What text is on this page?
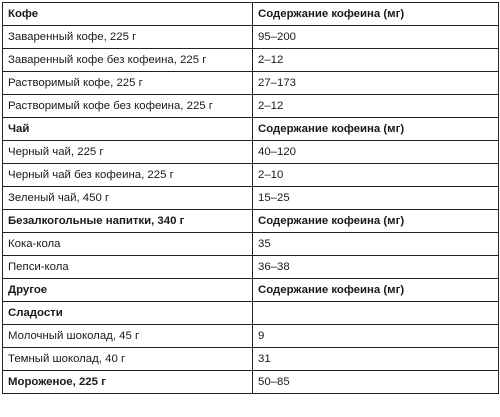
Кофе	Содержание кофеина (мг)
Заваренный кофе, 225 г	95–200
Заваренный кофе без кофеина, 225 г	2–12
Растворимый кофе, 225 г	27–173
Растворимый кофе без кофеина, 225 г	2–12
Чай	Содержание кофеина (мг)
Черный чай, 225 г	40–120
Черный чай без кофеина, 225 г	2–10
Зеленый чай, 450 г	15–25
Безалкогольные напитки, 340 г	Содержание кофеина (мг)
Кока-кола	35
Пепси-кола	36–38
Другое	Содержание кофеина (мг)
Сладости	
Молочный шоколад, 45 г	9
Темный шоколад, 40 г	31
Мороженое, 225 г	50–85
